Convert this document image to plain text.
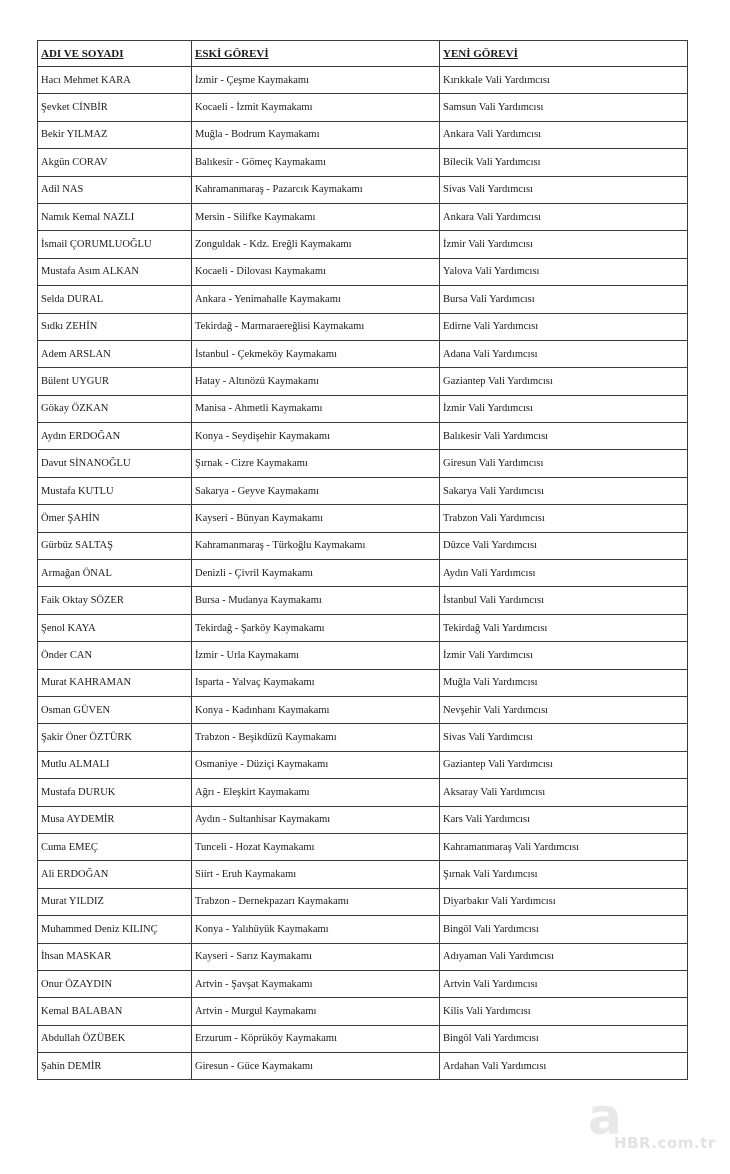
ADI VE SOYADI	ESKİ GÖREVİ	YENİ GÖREVİ
Hacı Mehmet KARA	İzmir - Çeşme Kaymakamı	Kırıkkale Vali Yardımcısı
Şevket CİNBİR	Kocaeli - İzmit Kaymakamı	Samsun Vali Yardımcısı
Bekir YILMAZ	Muğla - Bodrum Kaymakamı	Ankara Vali Yardımcısı
Akgün CORAV	Balıkesir - Gömeç Kaymakamı	Bilecik Vali Yardımcısı
Adil NAS	Kahramanmaraş - Pazarcık Kaymakamı	Sivas Vali Yardımcısı
Namık Kemal NAZLI	Mersin - Silifke Kaymakamı	Ankara Vali Yardımcısı
İsmail ÇORUMLUOĞLU	Zonguldak - Kdz. Ereğli Kaymakamı	İzmir Vali Yardımcısı
Mustafa Asım ALKAN	Kocaeli - Dilovası Kaymakamı	Yalova Vali Yardımcısı
Selda DURAL	Ankara - Yenimahalle Kaymakamı	Bursa Vali Yardımcısı
Sıdkı ZEHİN	Tekirdağ - Marmaraereğlisi Kaymakamı	Edirne Vali Yardımcısı
Adem ARSLAN	İstanbul - Çekmeköy Kaymakamı	Adana Vali Yardımcısı
Bülent UYGUR	Hatay - Altınözü Kaymakamı	Gaziantep Vali Yardımcısı
Gökay ÖZKAN	Manisa - Ahmetli Kaymakamı	İzmir Vali Yardımcısı
Aydın ERDOĞAN	Konya - Seydişehir Kaymakamı	Balıkesir Vali Yardımcısı
Davut SİNANOĞLU	Şırnak - Cizre Kaymakamı	Giresun Vali Yardımcısı
Mustafa KUTLU	Sakarya - Geyve Kaymakamı	Sakarya Vali Yardımcısı
Ömer ŞAHİN	Kayseri - Bünyan Kaymakamı	Trabzon Vali Yardımcısı
Gürbüz SALTAŞ	Kahramanmaraş - Türkoğlu Kaymakamı	Düzce Vali Yardımcısı
Armağan ÖNAL	Denizli - Çivril Kaymakamı	Aydın Vali Yardımcısı
Faik Oktay SÖZER	Bursa - Mudanya Kaymakamı	İstanbul Vali Yardımcısı
Şenol KAYA	Tekirdağ - Şarköy Kaymakamı	Tekirdağ Vali Yardımcısı
Önder CAN	İzmir - Urla Kaymakamı	İzmir Vali Yardımcısı
Murat KAHRAMAN	Isparta - Yalvaç Kaymakamı	Muğla Vali Yardımcısı
Osman GÜVEN	Konya - Kadınhanı Kaymakamı	Nevşehir Vali Yardımcısı
Şakir Öner ÖZTÜRK	Trabzon - Beşikdüzü Kaymakamı	Sivas Vali Yardımcısı
Mutlu ALMALI	Osmaniye - Düziçi Kaymakamı	Gaziantep Vali Yardımcısı
Mustafa DURUK	Ağrı - Eleşkirt Kaymakamı	Aksaray Vali Yardımcısı
Musa AYDEMİR	Aydın - Sultanhisar Kaymakamı	Kars Vali Yardımcısı
Cuma EMEÇ	Tunceli - Hozat Kaymakamı	Kahramanmaraş Vali Yardımcısı
Ali ERDOĞAN	Siirt - Eruh Kaymakamı	Şırnak Vali Yardımcısı
Murat YILDIZ	Trabzon - Dernekpazarı Kaymakamı	Diyarbakır Vali Yardımcısı
Muhammed Deniz KILINÇ	Konya - Yalıhüyük Kaymakamı	Bingöl Vali Yardımcısı
İhsan MASKAR	Kayseri - Sarız Kaymakamı	Adıyaman Vali Yardımcısı
Onur ÖZAYDIN	Artvin - Şavşat Kaymakamı	Artvin Vali Yardımcısı
Kemal BALABAN	Artvin - Murgul Kaymakamı	Kilis Vali Yardımcısı
Abdullah ÖZÜBEK	Erzurum - Köprüköy Kaymakamı	Bingöl Vali Yardımcısı
Şahin DEMİR	Giresun - Güce Kaymakamı	Ardahan Vali Yardımcısı
a
HBR.com.tr
